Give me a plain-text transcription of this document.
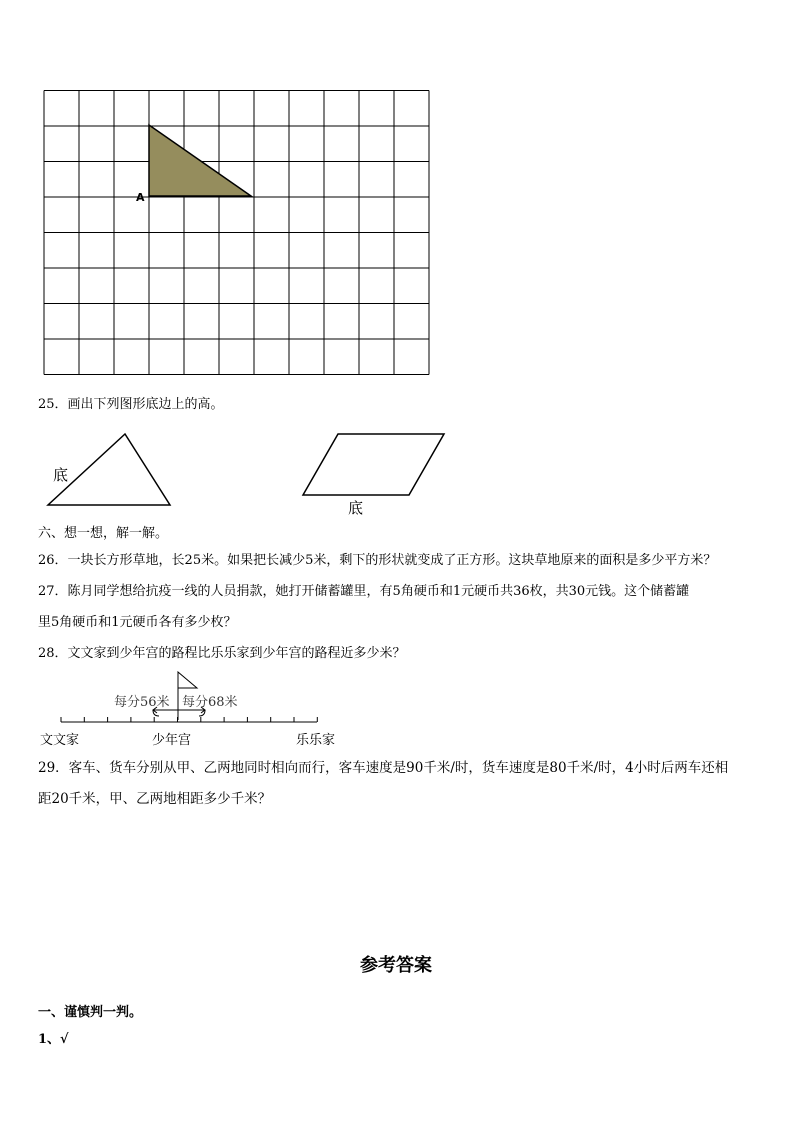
A
25．画出下列图形底边上的高。
底
底
六、想一想，解一解。
26．一块长方形草地，长25米。如果把长减少5米，剩下的形状就变成了正方形。这块草地原来的面积是多少平方米？
27．陈月同学想给抗疫一线的人员捐款，她打开储蓄罐里，有5角硬币和1元硬币共36枚，共30元钱。这个储蓄罐
里5角硬币和1元硬币各有多少枚？
28．文文家到少年宫的路程比乐乐家到少年宫的路程近多少米？
每分56米 每分68米
文文家	少年宫	乐乐家
29．客车、货车分别从甲、乙两地同时相向而行，客车速度是90千米/时，货车速度是80千米/时，4小时后两车还相
距20千米，甲、乙两地相距多少千米？
参考答案
一、谨慎判一判。
1、√
